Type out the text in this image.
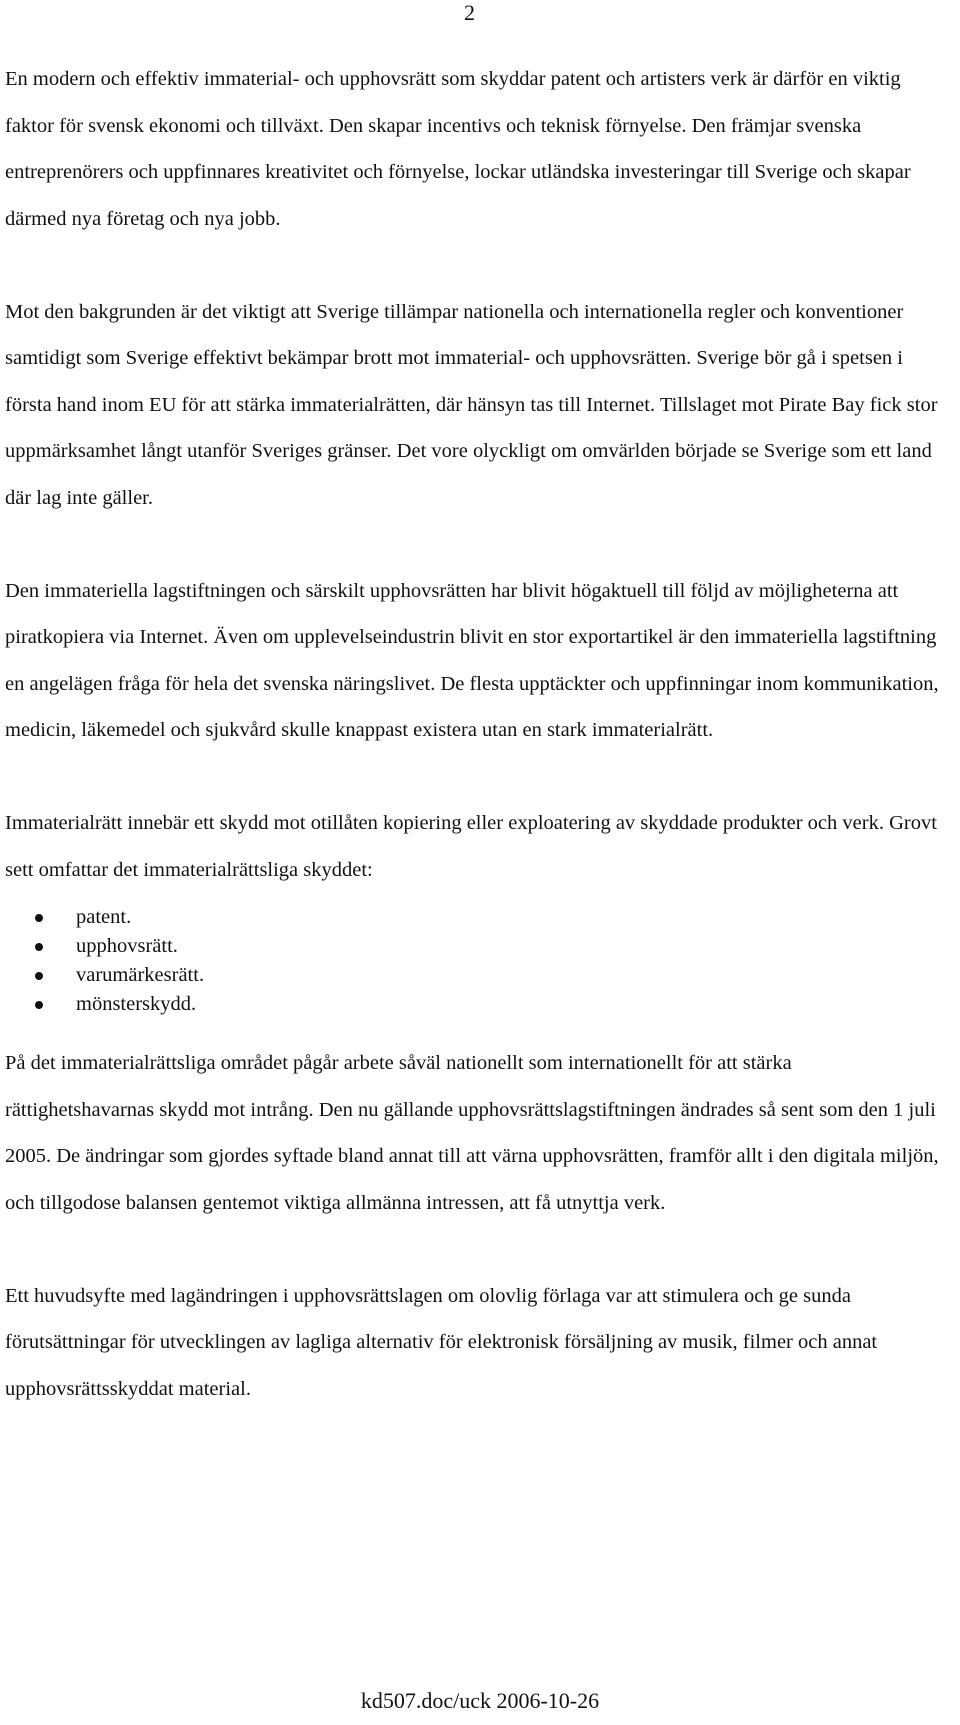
2

En modern och effektiv immaterial- och upphovsrätt som skyddar patent och artisters verk är därför en viktig faktor för svensk ekonomi och tillväxt. Den skapar incentivs och teknisk förnyelse. Den främjar svenska entreprenörers och uppfinnares kreativitet och förnyelse, lockar utländska investeringar till Sverige och skapar därmed nya företag och nya jobb.

Mot den bakgrunden är det viktigt att Sverige tillämpar nationella och internationella regler och konventioner samtidigt som Sverige effektivt bekämpar brott mot immaterial- och upphovsrätten. Sverige bör gå i spetsen i första hand inom EU för att stärka immaterialrätten, där hänsyn tas till Internet. Tillslaget mot Pirate Bay fick stor uppmärksamhet långt utanför Sveriges gränser. Det vore olyckligt om omvärlden började se Sverige som ett land där lag inte gäller.

Den immateriella lagstiftningen och särskilt upphovsrätten har blivit högaktuell till följd av möjligheterna att piratkopiera via Internet. Även om upplevelseindustrin blivit en stor exportartikel är den immateriella lagstiftning en angelägen fråga för hela det svenska näringslivet. De flesta upptäckter och uppfinningar inom kommunikation, medicin, läkemedel och sjukvård skulle knappast existera utan en stark immaterialrätt.

Immaterialrätt innebär ett skydd mot otillåten kopiering eller exploatering av skyddade produkter och verk. Grovt sett omfattar det immaterialrättsliga skyddet:

patent.
upphovsrätt.
varumärkesrätt.
mönsterskydd.

På det immaterialrättsliga området pågår arbete såväl nationellt som internationellt för att stärka rättighetshavarnas skydd mot intrång. Den nu gällande upphovsrättslagstiftningen ändrades så sent som den 1 juli 2005. De ändringar som gjordes syftade bland annat till att värna upphovsrätten, framför allt i den digitala miljön, och tillgodose balansen gentemot viktiga allmänna intressen, att få utnyttja verk.

Ett huvudsyfte med lagändringen i upphovsrättslagen om olovlig förlaga var att stimulera och ge sunda förutsättningar för utvecklingen av lagliga alternativ för elektronisk försäljning av musik, filmer och annat upphovsrättsskyddat material.

kd507.doc/uck 2006-10-26
